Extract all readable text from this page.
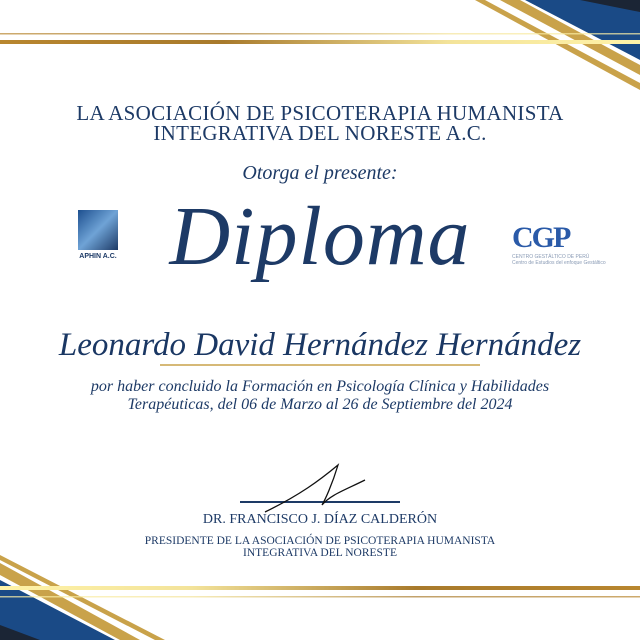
LA ASOCIACIÓN DE PSICOTERAPIA HUMANISTA
INTEGRATIVA DEL NORESTE A.C.
Otorga el presente:
Diploma
APHIN A.C.
CGP
CENTRO GESTÁLTICO DE PERÚ
Centro de Estudios del enfoque Gestáltico
Leonardo David Hernández Hernández
por haber concluido la Formación en Psicología Clínica y Habilidades
Terapéuticas, del 06 de Marzo al 26 de Septiembre del 2024
DR. FRANCISCO J. DÍAZ CALDERÓN
PRESIDENTE DE LA ASOCIACIÓN DE PSICOTERAPIA HUMANISTA
INTEGRATIVA DEL NORESTE
